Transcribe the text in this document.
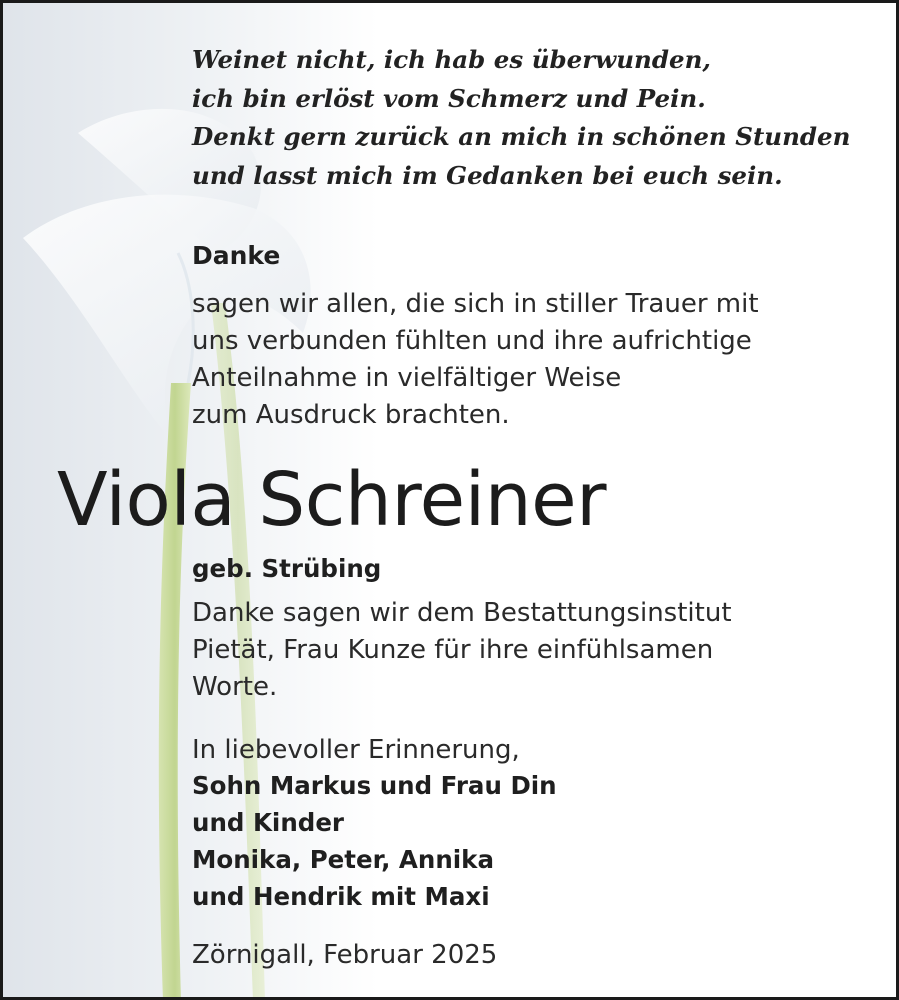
Weinet nicht, ich hab es überwunden,
ich bin erlöst vom Schmerz und Pein.
Denkt gern zurück an mich in schönen Stunden
und lasst mich im Gedanken bei euch sein.
Danke
sagen wir allen, die sich in stiller Trauer mit
uns verbunden fühlten und ihre aufrichtige
Anteilnahme in vielfältiger Weise
zum Ausdruck brachten.
Viola Schreiner
geb. Strübing
Danke sagen wir dem Bestattungsinstitut
Pietät, Frau Kunze für ihre einfühlsamen
Worte.
In liebevoller Erinnerung,
Sohn Markus und Frau Din
und Kinder
Monika, Peter, Annika
und Hendrik mit Maxi
Zörnigall, Februar 2025
